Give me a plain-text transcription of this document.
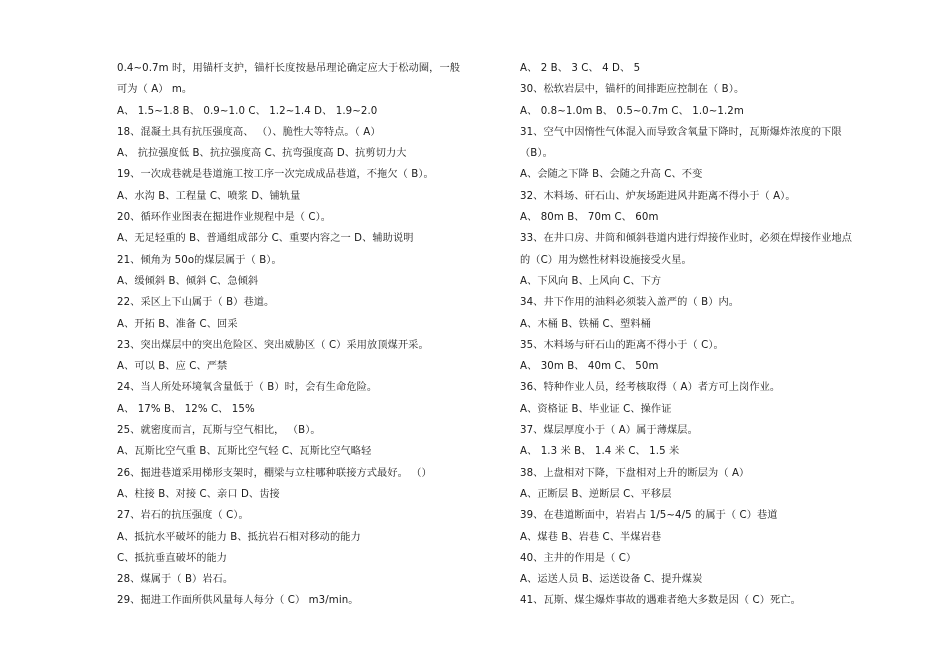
0.4~0.7m 时，用锚杆支护，锚杆长度按悬吊理论确定应大于松动圈，一般
可为（ A） m。
A、 1.5~1.8 B、 0.9~1.0 C、 1.2~1.4 D、 1.9~2.0
18、混凝土具有抗压强度高、 （）、脆性大等特点。（ A）
A、 抗拉强度低 B、抗拉强度高 C、抗弯强度高 D、抗剪切力大
19、一次成巷就是巷道施工按工序一次完成成品巷道，不拖欠（ B）。
A、水沟 B、工程量 C、喷浆 D、铺轨量
20、循环作业图表在掘进作业规程中是（ C）。
A、无足轻重的 B、普通组成部分 C、重要内容之一 D、辅助说明
21、倾角为 50o的煤层属于（ B）。
A、缓倾斜 B、倾斜 C、急倾斜
22、采区上下山属于（ B）巷道。
A、开拓 B、准备 C、回采
23、突出煤层中的突出危险区、突出威胁区（ C）采用放顶煤开采。
A、可以 B、应 C、严禁
24、当人所处环境氧含量低于（ B）时，会有生命危险。
A、 17% B、 12% C、 15%
25、就密度而言，瓦斯与空气相比， （B）。
A、瓦斯比空气重 B、瓦斯比空气轻 C、瓦斯比空气略轻
26、掘进巷道采用梯形支架时，棚梁与立柱哪种联接方式最好。 （）
A、柱接 B、对接 C、亲口 D、齿接
27、岩石的抗压强度（ C）。
A、抵抗水平破坏的能力 B、抵抗岩石相对移动的能力
C、抵抗垂直破坏的能力
28、煤属于（ B）岩石。
29、掘进工作面所供风量每人每分（ C） m3/min。
A、 2 B、 3 C、 4 D、 5
30、松软岩层中，锚杆的间排距应控制在（ B）。
A、 0.8~1.0m B、 0.5~0.7m C、 1.0~1.2m
31、空气中因惰性气体混入而导致含氧量下降时，瓦斯爆炸浓度的下限
（B）。
A、会随之下降 B、会随之升高 C、不变
32、木料场、矸石山、炉灰场距进风井距离不得小于（ A）。
A、 80m B、 70m C、 60m
33、在井口房、井筒和倾斜巷道内进行焊接作业时，必须在焊接作业地点
的（C）用为燃性材料设施接受火星。
A、下风向 B、上风向 C、下方
34、井下作用的油料必须装入盖严的（ B）内。
A、木桶 B、铁桶 C、塑料桶
35、木料场与矸石山的距离不得小于（ C）。
A、 30m B、 40m C、 50m
36、特种作业人员，经考核取得（ A）者方可上岗作业。
A、资格证 B、毕业证 C、操作证
37、煤层厚度小于（ A）属于薄煤层。
A、 1.3 米 B、 1.4 米 C、 1.5 米
38、上盘相对下降，下盘相对上升的断层为（ A）
A、正断层 B、逆断层 C、平移层
39、在巷道断面中，岩岩占 1/5~4/5 的属于（ C）巷道
A、煤巷 B、岩巷 C、半煤岩巷
40、主井的作用是（ C）
A、运送人员 B、运送设备 C、提升煤炭
41、瓦斯、煤尘爆炸事故的遇难者绝大多数是因（ C）死亡。
